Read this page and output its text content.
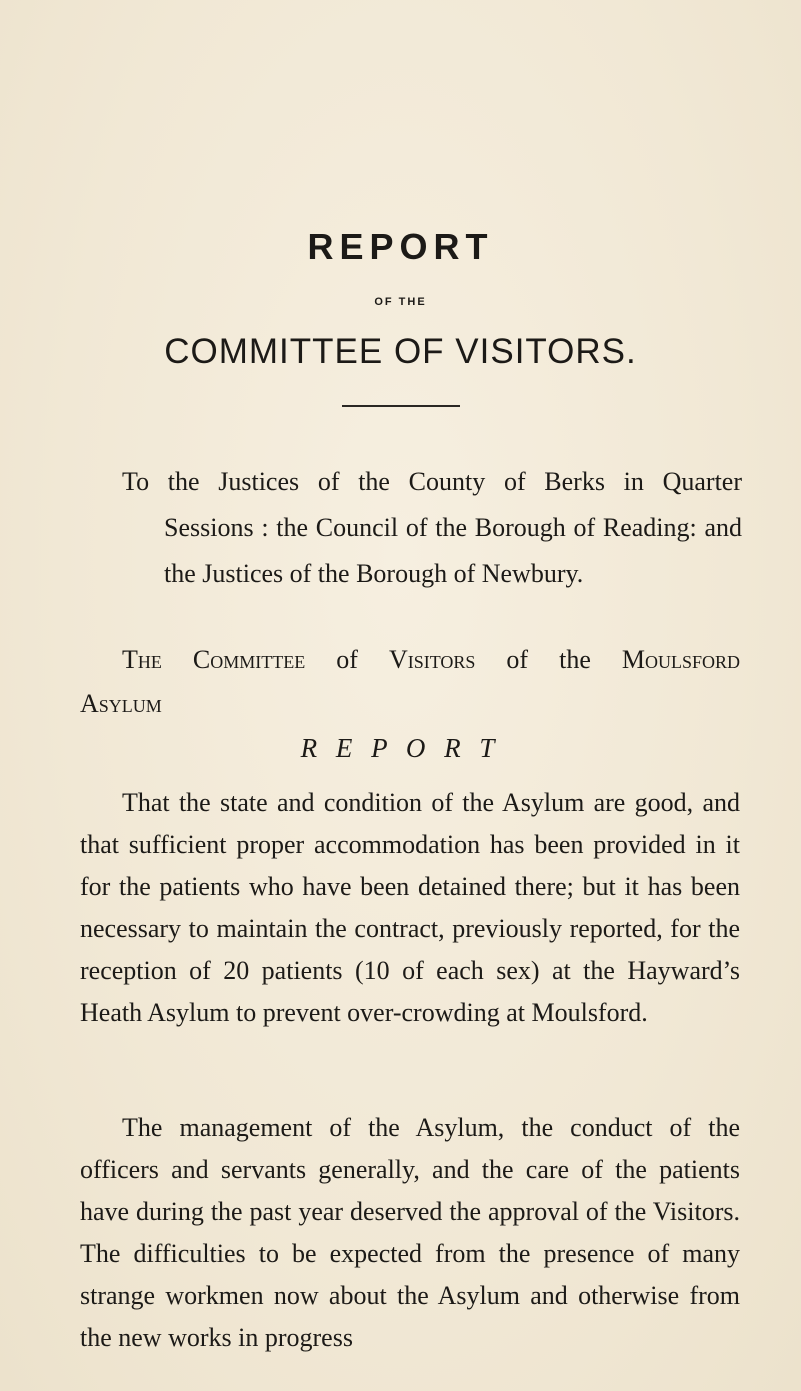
REPORT
OF THE
COMMITTEE OF VISITORS.
To the Justices of the County of Berks in Quarter
Sessions : the Council of the Borough of Reading: and the Justices of the Borough of Newbury.
The Committee of Visitors of the Moulsford
Asylum
R E P O R T
That the state and condition of the Asylum are good, and that sufficient proper accommodation has been provided in it for the patients who have been detained there; but it has been necessary to maintain the contract, previously reported, for the reception of 20 patients (10 of each sex) at the Hayward’s Heath Asylum to prevent over-crowding at Moulsford.
The management of the Asylum, the conduct of the officers and servants generally, and the care of the patients have during the past year deserved the approval of the Visitors. The difficulties to be expected from the presence of many strange workmen now about the Asylum and otherwise from the new works in progress
